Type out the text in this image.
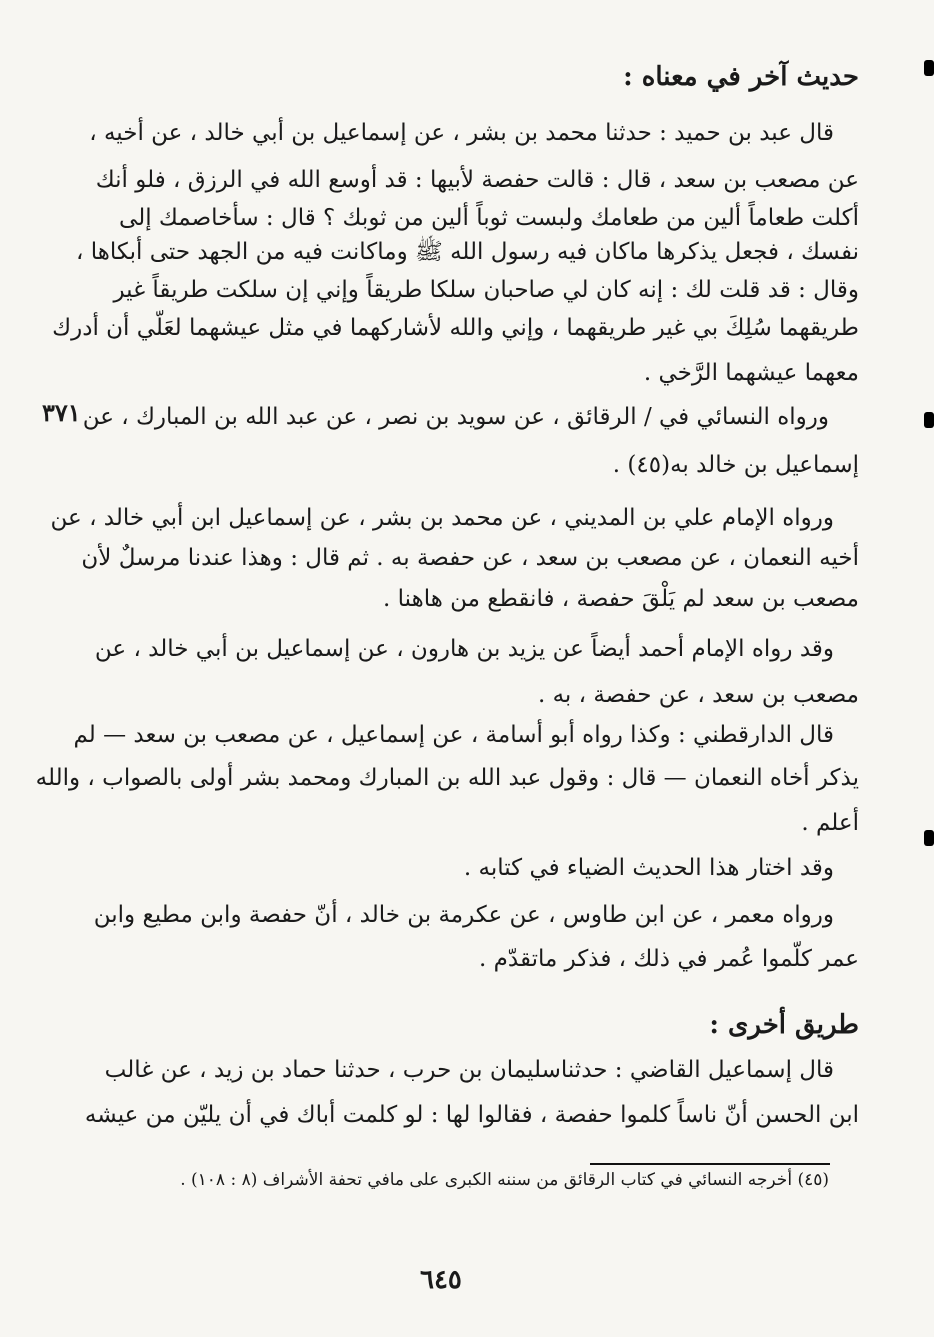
حديث آخر في معناه :
قال عبد بن حميد : حدثنا محمد بن بشر ، عن إسماعيل بن أبي خالد ، عن أخيه ،
عن مصعب بن سعد ، قال : قالت حفصة لأبيها : قد أوسع الله في الرزق ، فلو أنك
أكلت طعاماً ألين من طعامك ولبست ثوباً ألين من ثوبك ؟ قال : سأخاصمك إلى
نفسك ، فجعل يذكرها ماكان فيه رسول الله ﷺ وماكانت فيه من الجهد حتى أبكاها ،
وقال : قد قلت لك : إنه كان لي صاحبان سلكا طريقاً وإني إن سلكت طريقاً غير
طريقهما سُلِكَ بي غير طريقهما ، وإني والله لأشاركهما في مثل عيشهما لعَلّي أن أدرك
معهما عيشهما الرَّخي .
٣٧١ ورواه النسائي في / الرقائق ، عن سويد بن نصر ، عن عبد الله بن المبارك ، عن
إسماعيل بن خالد به(٤٥) .
ورواه الإمام علي بن المديني ، عن محمد بن بشر ، عن إسماعيل ابن أبي خالد ، عن
أخيه النعمان ، عن مصعب بن سعد ، عن حفصة به . ثم قال : وهذا عندنا مرسلٌ لأن
مصعب بن سعد لم يَلْقَ حفصة ، فانقطع من هاهنا .
وقد رواه الإمام أحمد أيضاً عن يزيد بن هارون ، عن إسماعيل بن أبي خالد ، عن
مصعب بن سعد ، عن حفصة ، به .
قال الدارقطني : وكذا رواه أبو أسامة ، عن إسماعيل ، عن مصعب بن سعد — لم
يذكر أخاه النعمان — قال : وقول عبد الله بن المبارك ومحمد بشر أولى بالصواب ، والله
أعلم .
وقد اختار هذا الحديث الضياء في كتابه .
ورواه معمر ، عن ابن طاوس ، عن عكرمة بن خالد ، أنّ حفصة وابن مطيع وابن
عمر كلّموا عُمر في ذلك ، فذكر ماتقدّم .
طريق أخرى :
قال إسماعيل القاضي : حدثناسليمان بن حرب ، حدثنا حماد بن زيد ، عن غالب
ابن الحسن أنّ ناساً كلموا حفصة ، فقالوا لها : لو كلمت أباك في أن يليّن من عيشه
(٤٥) أخرجه النسائي في كتاب الرقائق من سننه الكبرى على مافي تحفة الأشراف (٨ : ١٠٨) .
٦٤٥
